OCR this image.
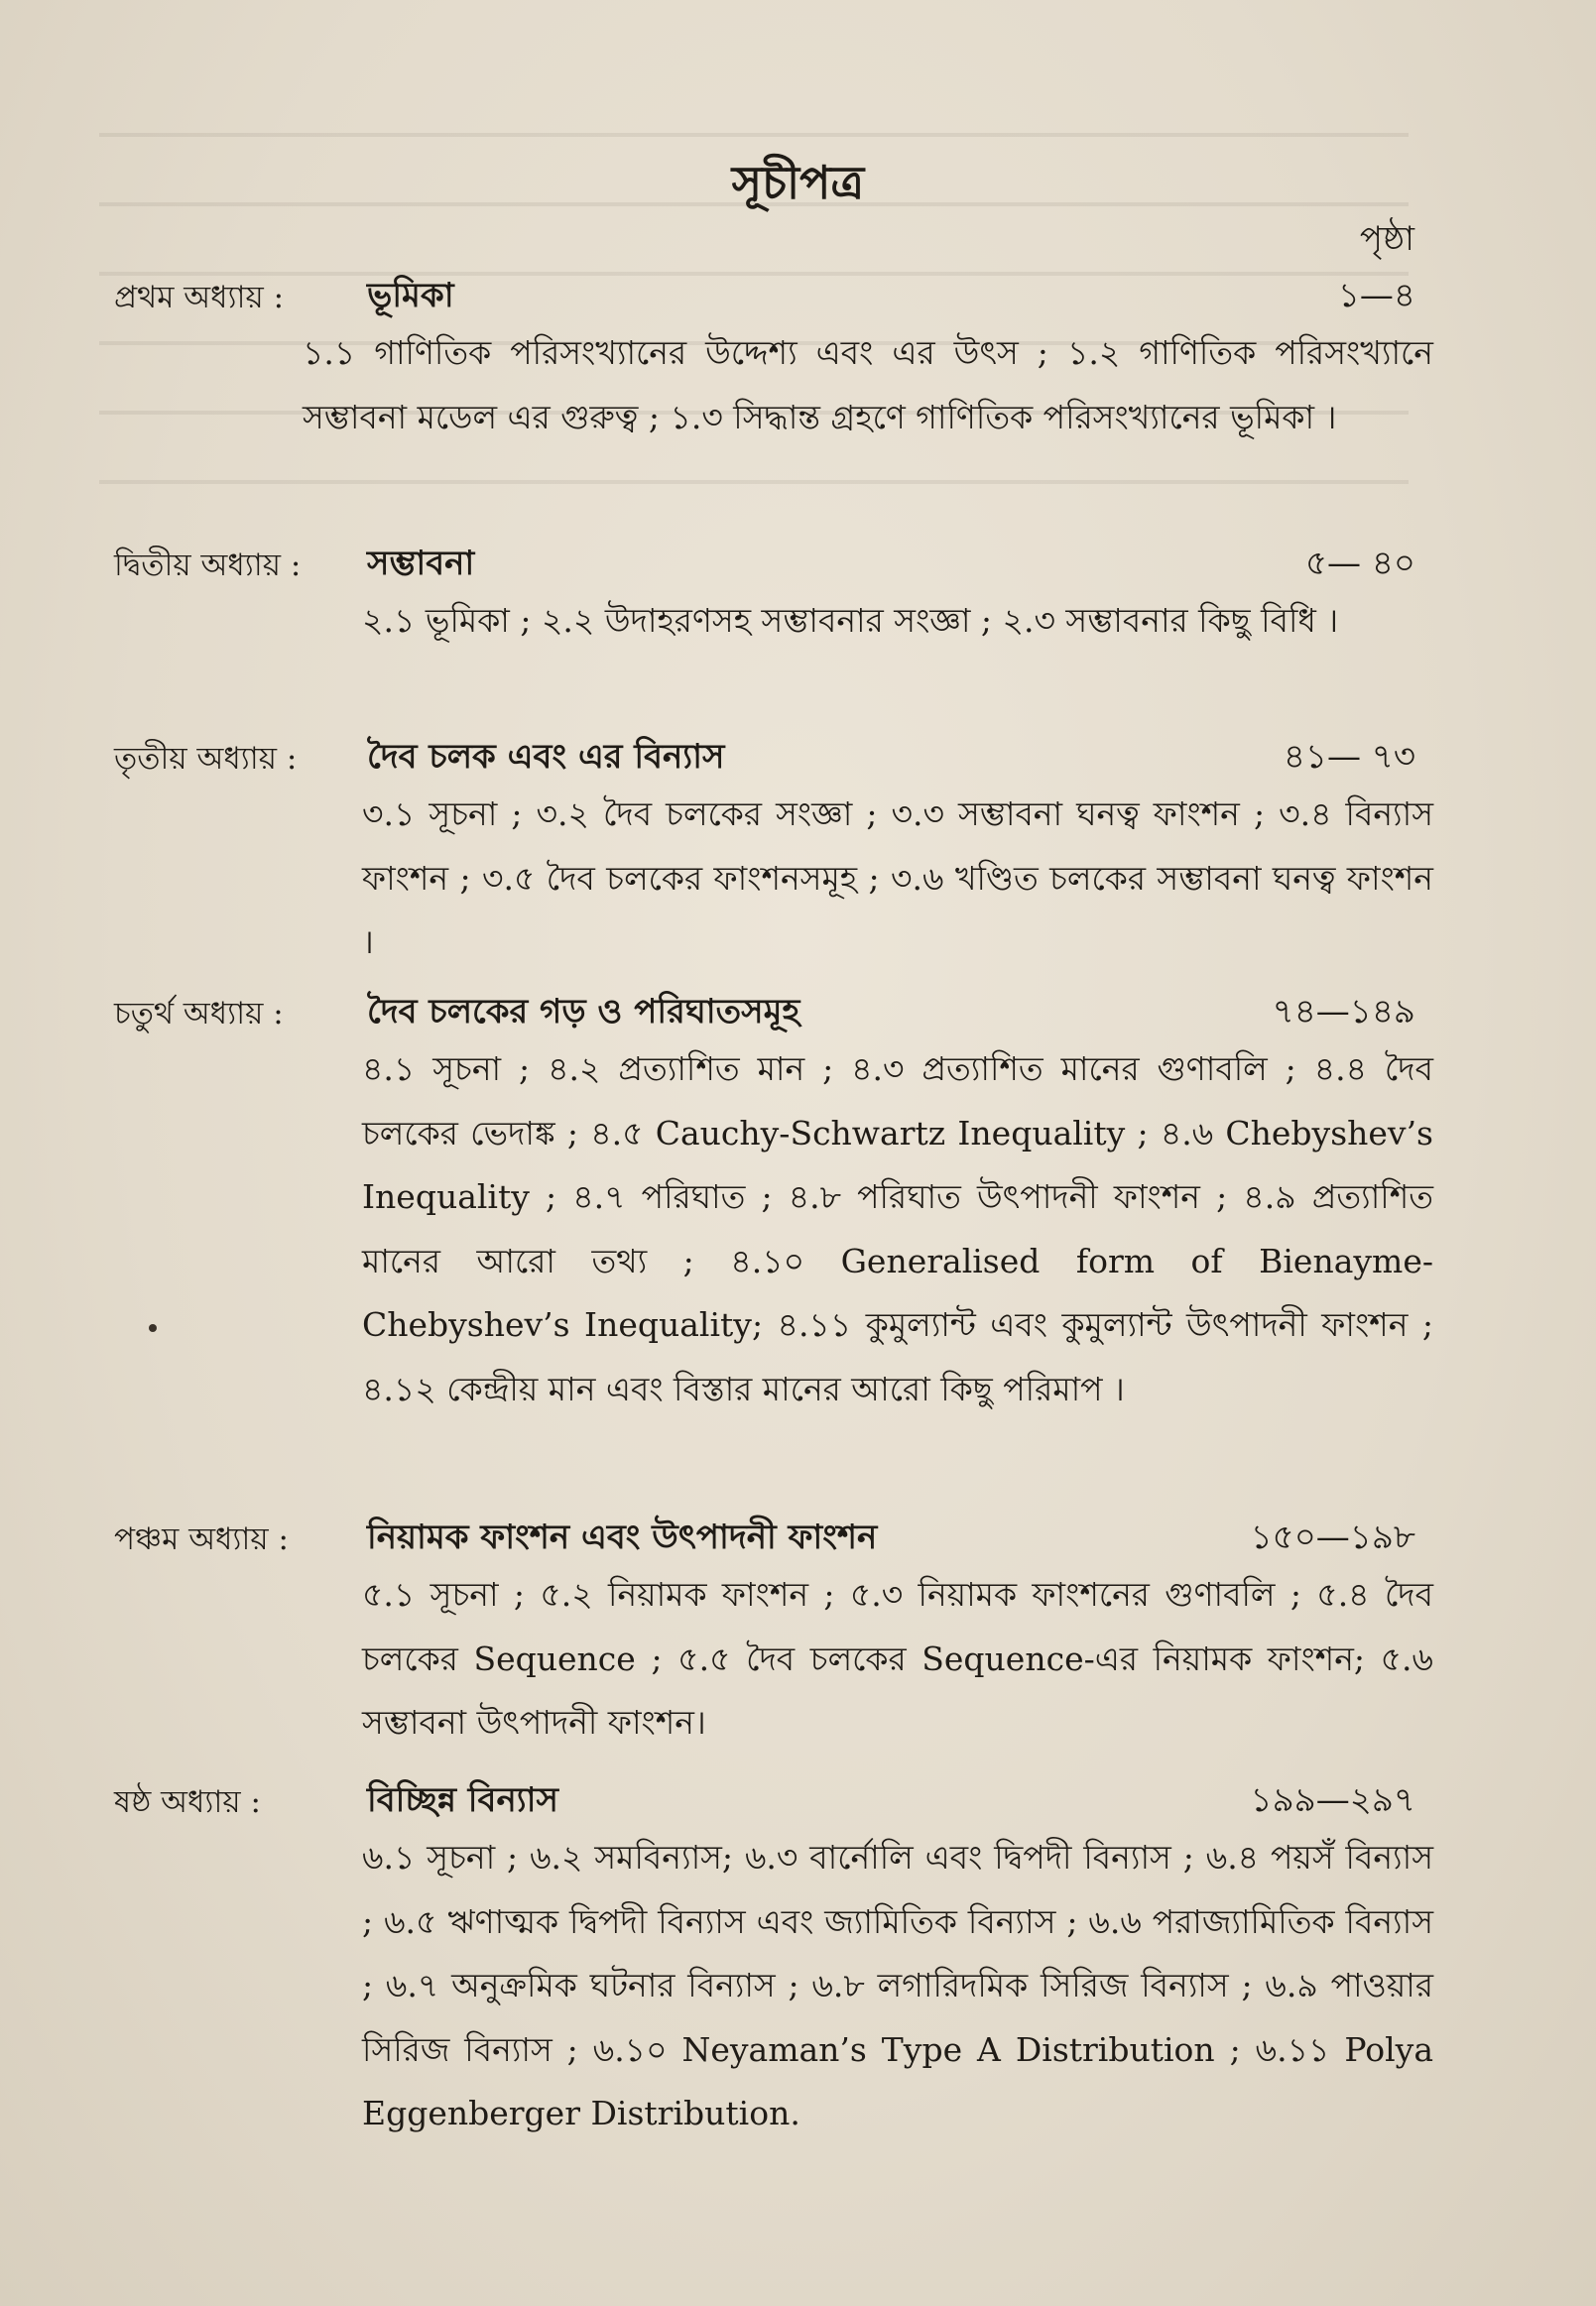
সূচীপত্র
পৃষ্ঠা
প্রথম অধ্যায় : ভূমিকা	১—৪
১.১ গাণিতিক পরিসংখ্যানের উদ্দেশ্য এবং এর উৎস ; ১.২ গাণিতিক পরিসংখ্যানে সম্ভাবনা মডেল এর গুরুত্ব ; ১.৩ সিদ্ধান্ত গ্রহণে গাণিতিক পরিসংখ্যানের ভূমিকা ।
দ্বিতীয় অধ্যায় : সম্ভাবনা	৫— ৪০
২.১ ভূমিকা ; ২.২ উদাহরণসহ সম্ভাবনার সংজ্ঞা ; ২.৩ সম্ভাবনার কিছু বিধি ।
তৃতীয় অধ্যায় : দৈব চলক এবং এর বিন্যাস	৪১— ৭৩
৩.১ সূচনা ; ৩.২ দৈব চলকের সংজ্ঞা ; ৩.৩ সম্ভাবনা ঘনত্ব ফাংশন ; ৩.৪ বিন্যাস ফাংশন ; ৩.৫ দৈব চলকের ফাংশনসমূহ ; ৩.৬ খণ্ডিত চলকের সম্ভাবনা ঘনত্ব ফাংশন ।
চতুর্থ অধ্যায় : দৈব চলকের গড় ও পরিঘাতসমূহ	৭৪—১৪৯
৪.১ সূচনা ; ৪.২ প্রত্যাশিত মান ; ৪.৩ প্রত্যাশিত মানের গুণাবলি ; ৪.৪ দৈব চলকের ভেদাঙ্ক ; ৪.৫ Cauchy-Schwartz Inequality ; ৪.৬ Chebyshev’s Inequality ; ৪.৭ পরিঘাত ; ৪.৮ পরিঘাত উৎপাদনী ফাংশন ; ৪.৯ প্রত্যাশিত মানের আরো তথ্য ; ৪.১০ Generalised form of Bienayme-Chebyshev’s Inequality; ৪.১১ কুমুল্যান্ট এবং কুমুল্যান্ট উৎপাদনী ফাংশন ; ৪.১২ কেন্দ্রীয় মান এবং বিস্তার মানের আরো কিছু পরিমাপ ।
পঞ্চম অধ্যায় : নিয়ামক ফাংশন এবং উৎপাদনী ফাংশন	১৫০—১৯৮
৫.১ সূচনা ; ৫.২ নিয়ামক ফাংশন ; ৫.৩ নিয়ামক ফাংশনের গুণাবলি ; ৫.৪ দৈব চলকের Sequence ; ৫.৫ দৈব চলকের Sequence-এর নিয়ামক ফাংশন; ৫.৬ সম্ভাবনা উৎপাদনী ফাংশন।
ষষ্ঠ অধ্যায় :	বিচ্ছিন্ন বিন্যাস	১৯৯—২৯৭
৬.১ সূচনা ; ৬.২ সমবিন্যাস; ৬.৩ বার্নোলি এবং দ্বিপদী বিন্যাস ; ৬.৪ পয়সঁ বিন্যাস ; ৬.৫ ঋণাত্মক দ্বিপদী বিন্যাস এবং জ্যামিতিক বিন্যাস ; ৬.৬ পরাজ্যামিতিক বিন্যাস ; ৬.৭ অনুক্রমিক ঘটনার বিন্যাস ; ৬.৮ লগারিদমিক সিরিজ বিন্যাস ; ৬.৯ পাওয়ার সিরিজ বিন্যাস ; ৬.১০ Neyaman’s Type A Distribution ; ৬.১১ Polya Eggenberger Distribution.
